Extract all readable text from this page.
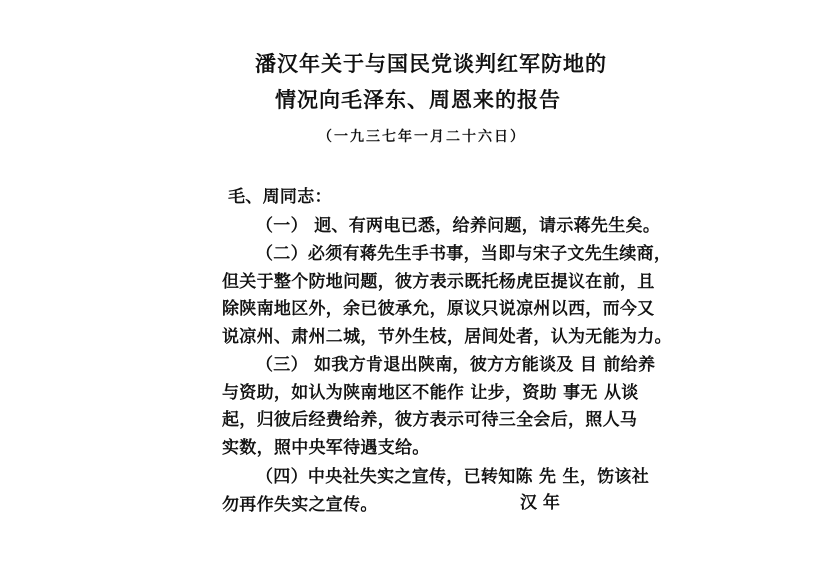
潘汉年关于与国民党谈判红军防地的
情况向毛泽东、周恩来的报告
（一九三七年一月二十六日）
毛、周同志：
（一） 迥、有两电已悉，给养问题，请示蒋先生矣。
（二）必须有蒋先生手书事，当即与宋子文先生续商，
但关于整个防地问题，彼方表示既托杨虎臣提议在前，且
除陕南地区外，余已彼承允，原议只说凉州以西，而今又
说凉州、肃州二城，节外生枝，居间处者，认为无能为力。
（三） 如我方肯退出陕南，彼方方能谈及 目 前给养
与资助，如认为陕南地区不能作 让步，资助 事无 从谈
起，归彼后经费给养，彼方表示可待三全会后，照人马
实数，照中央军待遇支给。
（四）中央社失实之宣传，已转知陈 先 生，饬该社
勿再作失实之宣传。	汉 年
